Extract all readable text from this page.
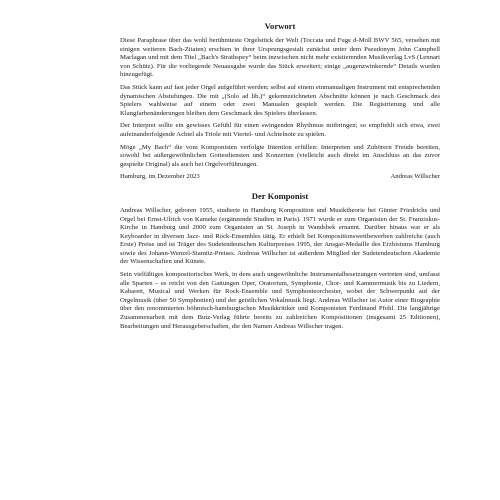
Vorwort

Diese Paraphrase über das wohl berühmteste Orgelstück der Welt (Toccata und Fuge d-Moll BWV 565, versehen mit einigen weiteren Bach-Zitaten) erschien in ihrer Ursprungsgestalt zunächst unter dem Pseudonym John Campbell Maclagan und mit dem Titel „Bach's Strathspey“ beim inzwischen nicht mehr existierenden Musikverlag LvS (Lennart von Schütz). Für die vorliegende Neuausgabe wurde das Stück erweitert; einige „augenzwinkernde“ Details wurden hinzugefügt.

Das Stück kann auf fast jeder Orgel aufgeführt werden; selbst auf einem einmanualigen Instrument mit entsprechenden dynamischen Abstufungen. Die mit „(Solo ad lib.)“ gekennzeichneten Abschnitte können je nach Geschmack des Spielers wahlweise auf einem oder zwei Manualen gespielt werden. Die Registrierung und alle Klangfarbenänderungen bleiben dem Geschmack des Spielers überlassen.

Der Interpret sollte ein gewisses Gefühl für einen swingenden Rhythmus mitbringen; so empfiehlt sich etwa, zwei aufeinanderfolgende Achtel als Triole mit Viertel- und Achtelnote zu spielen.

Möge „My Bach“ die vom Komponisten verfolgte Intention erfüllen: Interpreten und Zuhörern Freude bereiten, sowohl bei außergewöhnlichen Gottesdiensten und Konzerten (vielleicht auch direkt im Anschluss an das zuvor gespielte Original) als auch bei Orgelvorführungen.

Hamburg, im Dezember 2023	Andreas Willscher
Der Komponist

Andreas Willscher, geboren 1955, studierte in Hamburg Komposition und Musiktheorie bei Günter Friedrichs und Orgel bei Ernst-Ulrich von Kameke (ergänzende Studien in Paris). 1971 wurde er zum Organisten der St. Franziskus-Kirche in Hamburg und 2000 zum Organisten an St. Joseph in Wandsbek ernannt. Darüber hinaus war er als Keyboarder in diversen Jazz- und Rock-Ensembles tätig. Er erhielt bei Kompositionswettbewerben zahlreiche (auch Erste) Preise und ist Träger des Sudetendeutschen Kulturpreises 1995, der Ansgar-Medaille des Erzbistums Hamburg sowie des Johann-Wenzel-Stamitz-Preises. Andreas Willscher ist außerdem Mitglied der Sudetendeutschen Akademie der Wissenschaften und Künste.

Sein vielfältiges kompositorisches Werk, in dem auch ungewöhnliche Instrumentalbesetzungen vertreten sind, umfasst alle Sparten – es reicht von den Gattungen Oper, Oratorium, Symphonie, Chor- und Kammermusik bis zu Liedern, Kabarett, Musical und Werken für Rock-Ensemble und Symphonieorchester, wobei der Schwerpunkt auf der Orgelmusik (über 50 Symphonien) und der geistlichen Vokalmusik liegt. Andreas Willscher ist Autor einer Biographie über den renommierten böhmisch-hamburgischen Musikkritiker und Komponisten Ferdinand Pfohl. Die langjährige Zusammenarbeit mit dem Butz-Verlag führte bereits zu zahlreichen Kompositionen (insgesamt 25 Editionen), Bearbeitungen und Herausgeberschaften, die den Namen Andreas Willscher tragen.
